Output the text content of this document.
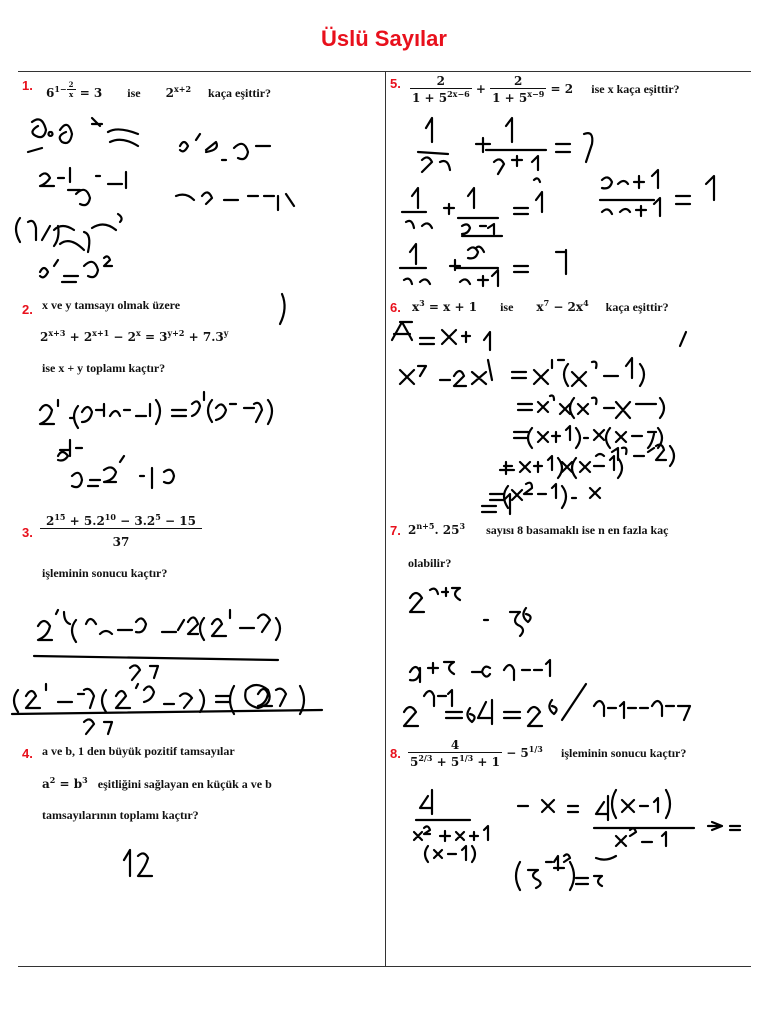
Üslü Sayılar
1. $6^{1- \frac{2}{x}} = 3$ ise $2^{x+2}$ kaça eşittir?
2. x ve y tamsayı olmak üzere
$2^{x+3} + 2^{x+1} - 2^x = 3^{y+2} + 7.3^y$
ise x + y toplamı kaçtır?
3. $\frac{2^{15} + 5.2^{10} - 3.2^5 - 15}{37}$
işleminin sonucu kaçtır?
4. a ve b, 1 den büyük pozitif tamsayılar
$a^2 = b^3$ eşitliğini sağlayan en küçük a ve b
tamsayılarının toplamı kaçtır?
5. $\frac{2}{1 + 5^{2x-6}} + \frac{2}{1 + 5^{x-9}} = 2$ ise x kaça eşittir?
6. $x^3 = x + 1$ ise $x^7 - 2x^4$ kaça eşittir?
7. $2^{n+5}$. $25^3$ sayısı 8 basamaklı ise n en fazla kaç
olabilir?
8. $\frac{4}{5^{2/3} + 5^{1/3} + 1} - 5^{1/3}$ işleminin sonucu kaçtır?
